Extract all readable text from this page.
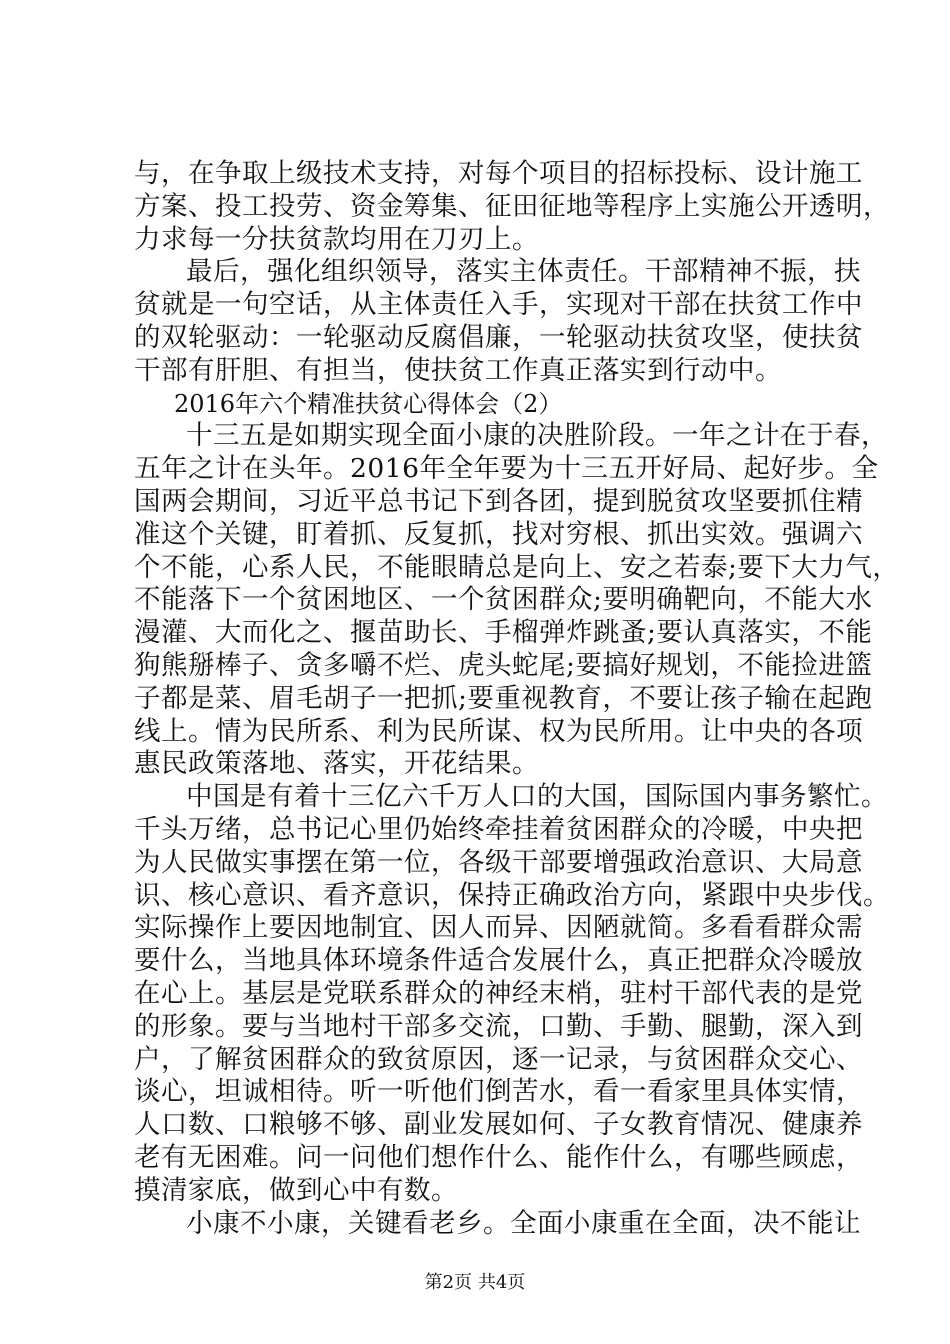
与，在争取上级技术支持，对每个项目的招标投标、设计施工
方案、投工投劳、资金筹集、征田征地等程序上实施公开透明，
力求每一分扶贫款均用在刀刃上。
最后，强化组织领导，落实主体责任。干部精神不振，扶
贫就是一句空话，从主体责任入手，实现对干部在扶贫工作中
的双轮驱动：一轮驱动反腐倡廉，一轮驱动扶贫攻坚，使扶贫
干部有肝胆、有担当，使扶贫工作真正落实到行动中。
2016年六个精准扶贫心得体会（2）
十三五是如期实现全面小康的决胜阶段。一年之计在于春，
五年之计在头年。2016年全年要为十三五开好局、起好步。全
国两会期间，习近平总书记下到各团，提到脱贫攻坚要抓住精
准这个关键，盯着抓、反复抓，找对穷根、抓出实效。强调六
个不能，心系人民，不能眼睛总是向上、安之若泰;要下大力气，
不能落下一个贫困地区、一个贫困群众;要明确靶向，不能大水
漫灌、大而化之、揠苗助长、手榴弹炸跳蚤;要认真落实，不能
狗熊掰棒子、贪多嚼不烂、虎头蛇尾;要搞好规划，不能捡进篮
子都是菜、眉毛胡子一把抓;要重视教育，不要让孩子输在起跑
线上。情为民所系、利为民所谋、权为民所用。让中央的各项
惠民政策落地、落实，开花结果。
中国是有着十三亿六千万人口的大国，国际国内事务繁忙。
千头万绪，总书记心里仍始终牵挂着贫困群众的冷暖，中央把
为人民做实事摆在第一位，各级干部要增强政治意识、大局意
识、核心意识、看齐意识，保持正确政治方向，紧跟中央步伐。
实际操作上要因地制宜、因人而异、因陋就简。多看看群众需
要什么，当地具体环境条件适合发展什么，真正把群众冷暖放
在心上。基层是党联系群众的神经末梢，驻村干部代表的是党
的形象。要与当地村干部多交流，口勤、手勤、腿勤，深入到
户，了解贫困群众的致贫原因，逐一记录，与贫困群众交心、
谈心，坦诚相待。听一听他们倒苦水，看一看家里具体实情，
人口数、口粮够不够、副业发展如何、子女教育情况、健康养
老有无困难。问一问他们想作什么、能作什么，有哪些顾虑，
摸清家底，做到心中有数。
小康不小康，关键看老乡。全面小康重在全面，决不能让
第2页 共4页
